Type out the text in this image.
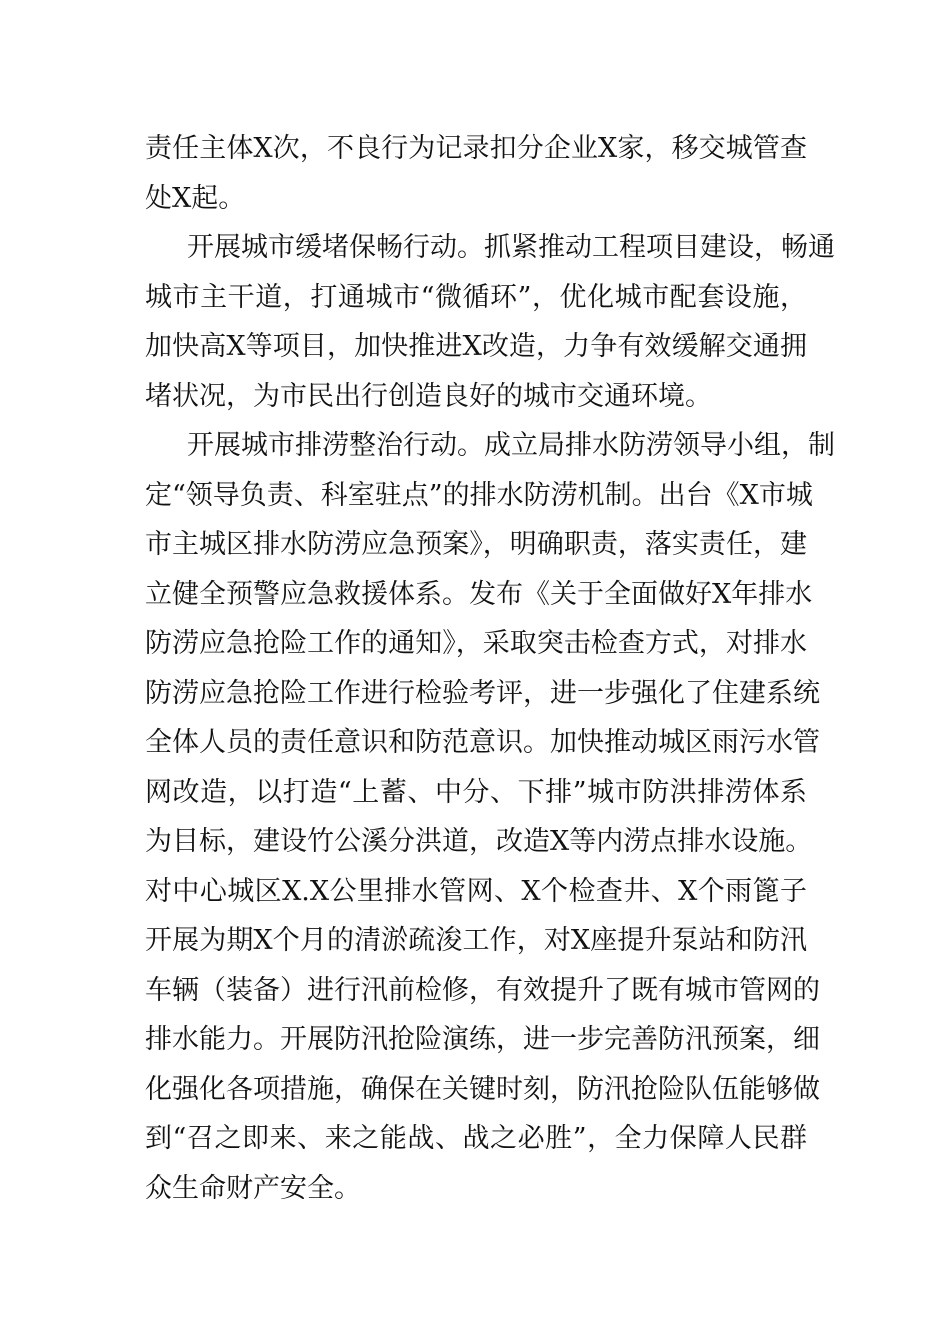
责任主体X次，不良行为记录扣分企业X家，移交城管查
处X起。
开展城市缓堵保畅行动。抓紧推动工程项目建设，畅通
城市主干道，打通城市“微循环”，优化城市配套设施，
加快高X等项目，加快推进X改造，力争有效缓解交通拥
堵状况，为市民出行创造良好的城市交通环境。
开展城市排涝整治行动。成立局排水防涝领导小组，制
定“领导负责、科室驻点”的排水防涝机制。出台《X市城
市主城区排水防涝应急预案》，明确职责，落实责任，建
立健全预警应急救援体系。发布《关于全面做好X年排水
防涝应急抢险工作的通知》，采取突击检查方式，对排水
防涝应急抢险工作进行检验考评，进一步强化了住建系统
全体人员的责任意识和防范意识。加快推动城区雨污水管
网改造，以打造“上蓄、中分、下排”城市防洪排涝体系
为目标，建设竹公溪分洪道，改造X等内涝点排水设施。
对中心城区X.X公里排水管网、X个检查井、X个雨篦子
开展为期X个月的清淤疏浚工作，对X座提升泵站和防汛
车辆（装备）进行汛前检修，有效提升了既有城市管网的
排水能力。开展防汛抢险演练，进一步完善防汛预案，细
化强化各项措施，确保在关键时刻，防汛抢险队伍能够做
到“召之即来、来之能战、战之必胜”，全力保障人民群
众生命财产安全。
